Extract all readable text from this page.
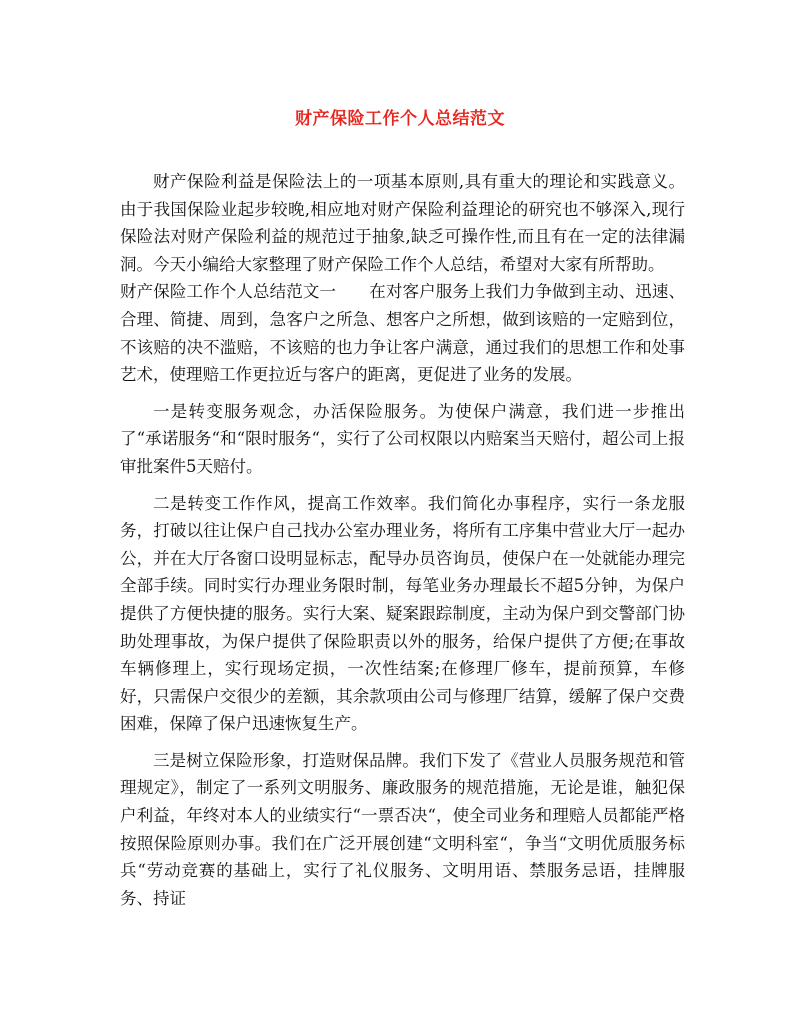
财产保险工作个人总结范文

财产保险利益是保险法上的一项基本原则,具有重大的理论和实践意义。由于我国保险业起步较晚,相应地对财产保险利益理论的研究也不够深入,现行保险法对财产保险利益的规范过于抽象,缺乏可操作性,而且有在一定的法律漏洞。今天小编给大家整理了财产保险工作个人总结，希望对大家有所帮助。

财产保险工作个人总结范文一 在对客户服务上我们力争做到主动、迅速、合理、简捷、周到，急客户之所急、想客户之所想，做到该赔的一定赔到位，不该赔的决不滥赔，不该赔的也力争让客户满意，通过我们的思想工作和处事艺术，使理赔工作更拉近与客户的距离，更促进了业务的发展。

一是转变服务观念，办活保险服务。为使保户满意，我们进一步推出了“承诺服务“和“限时服务“，实行了公司权限以内赔案当天赔付，超公司上报审批案件5天赔付。

二是转变工作作风，提高工作效率。我们简化办事程序，实行一条龙服务，打破以往让保户自己找办公室办理业务，将所有工序集中营业大厅一起办公，并在大厅各窗口设明显标志，配导办员咨询员，使保户在一处就能办理完全部手续。同时实行办理业务限时制，每笔业务办理最长不超5分钟，为保户提供了方便快捷的服务。实行大案、疑案跟踪制度，主动为保户到交警部门协助处理事故，为保户提供了保险职责以外的服务，给保户提供了方便;在事故车辆修理上，实行现场定损，一次性结案;在修理厂修车，提前预算，车修好，只需保户交很少的差额，其余款项由公司与修理厂结算，缓解了保户交费困难，保障了保户迅速恢复生产。

三是树立保险形象，打造财保品牌。我们下发了《营业人员服务规范和管理规定》，制定了一系列文明服务、廉政服务的规范措施，无论是谁，触犯保户利益，年终对本人的业绩实行“一票否决“，使全司业务和理赔人员都能严格按照保险原则办事。我们在广泛开展创建“文明科室“，争当“文明优质服务标兵“劳动竞赛的基础上，实行了礼仪服务、文明用语、禁服务忌语，挂牌服务、持证
